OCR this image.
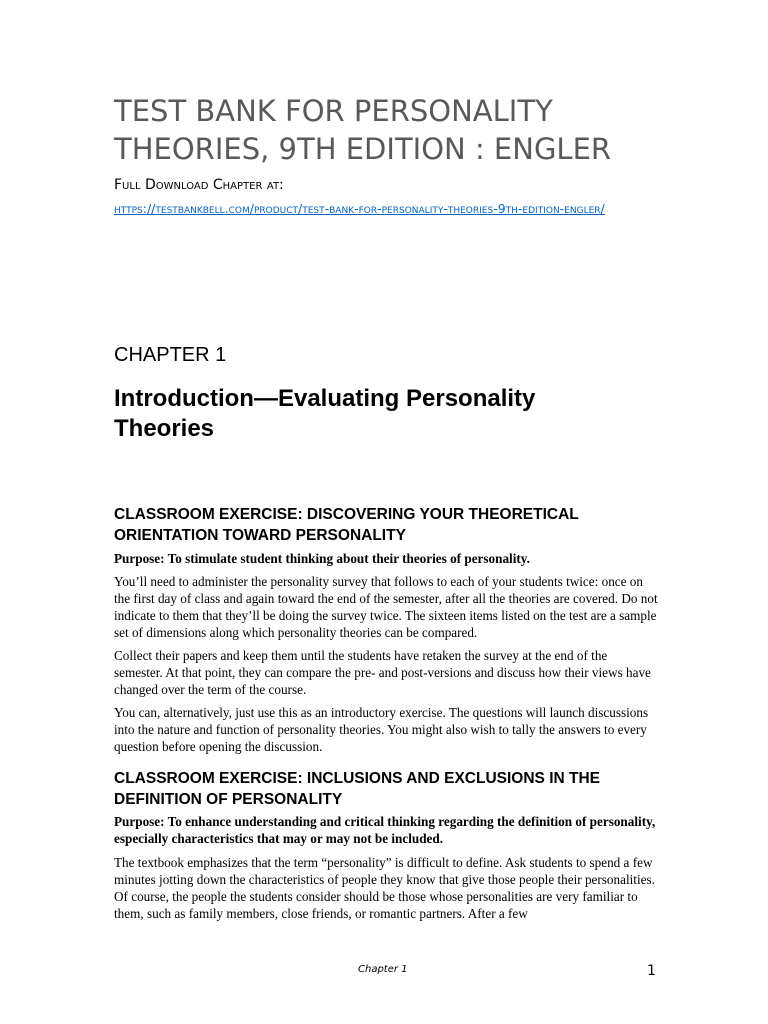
TEST BANK FOR PERSONALITY THEORIES, 9TH EDITION : ENGLER

Full Download Chapter at:

https://testbankbell.com/product/test-bank-for-personality-theories-9th-edition-engler/
CHAPTER 1
Introduction—Evaluating Personality Theories
CLASSROOM EXERCISE: DISCOVERING YOUR THEORETICAL ORIENTATION TOWARD PERSONALITY

Purpose: To stimulate student thinking about their theories of personality.

You’ll need to administer the personality survey that follows to each of your students twice: once on the first day of class and again toward the end of the semester, after all the theories are covered. Do not indicate to them that they’ll be doing the survey twice. The sixteen items listed on the test are a sample set of dimensions along which personality theories can be compared.

Collect their papers and keep them until the students have retaken the survey at the end of the semester. At that point, they can compare the pre- and post-versions and discuss how their views have changed over the term of the course.

You can, alternatively, just use this as an introductory exercise. The questions will launch discussions into the nature and function of personality theories. You might also wish to tally the answers to every question before opening the discussion.

CLASSROOM EXERCISE: INCLUSIONS AND EXCLUSIONS IN THE DEFINITION OF PERSONALITY

Purpose: To enhance understanding and critical thinking regarding the definition of personality, especially characteristics that may or may not be included.

The textbook emphasizes that the term “personality” is difficult to define. Ask students to spend a few minutes jotting down the characteristics of people they know that give those people their personalities. Of course, the people the students consider should be those whose personalities are very familiar to them, such as family members, close friends, or romantic partners. After a few

Chapter 1	1
